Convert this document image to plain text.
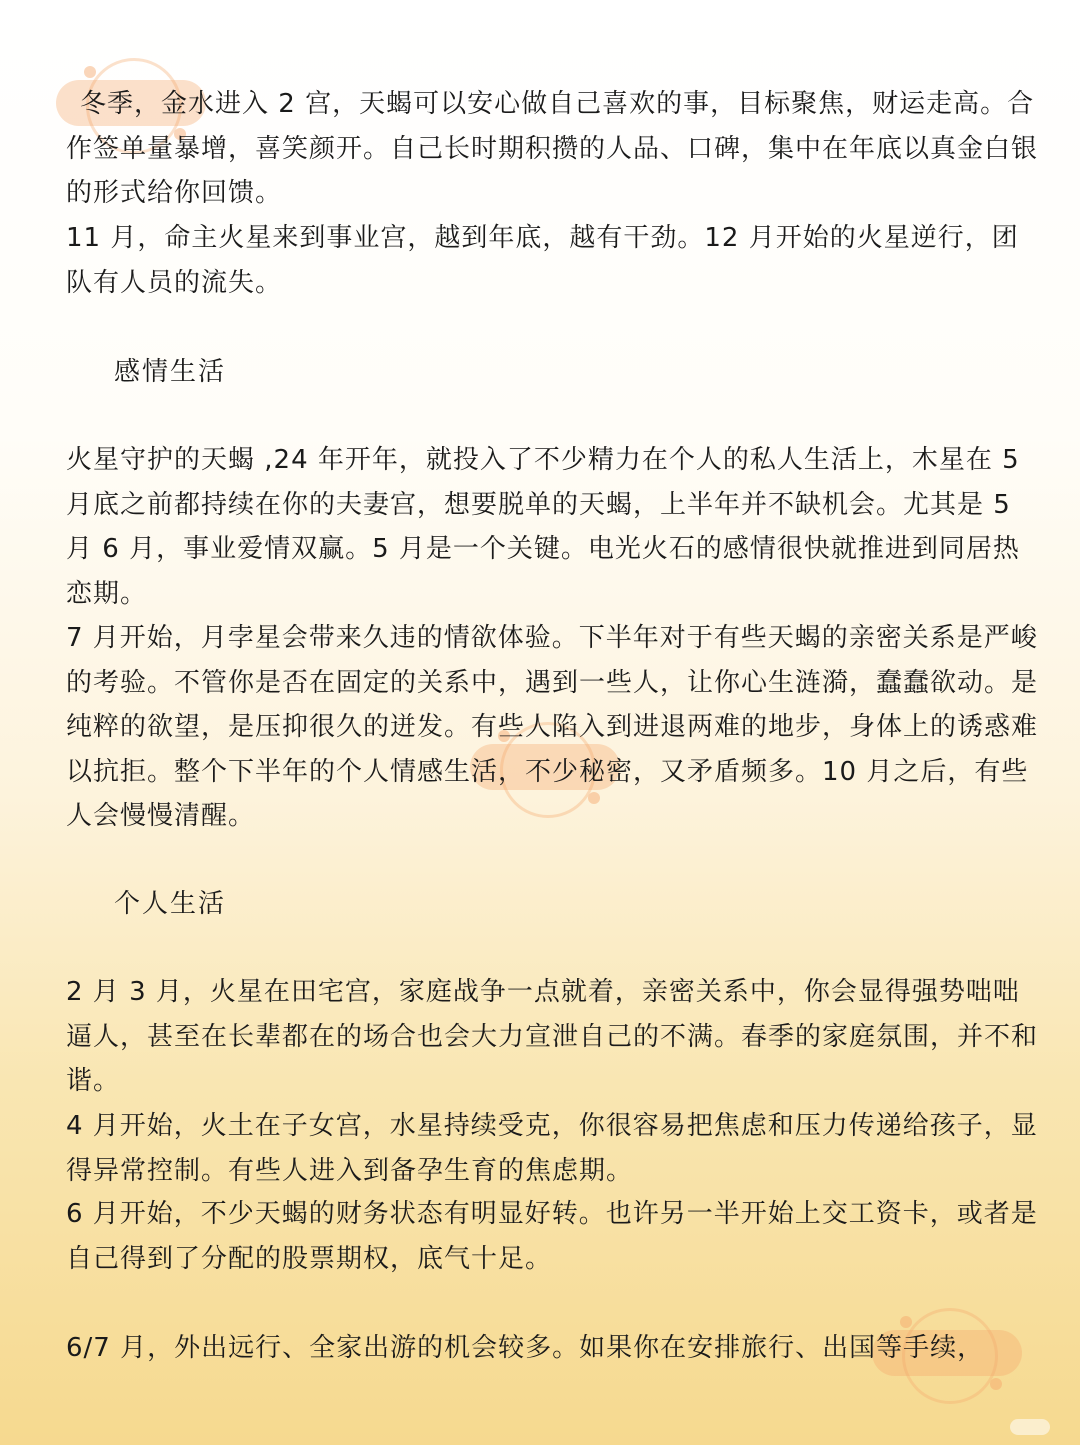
冬季，金水进入 2 宫，天蝎可以安心做自己喜欢的事，目标聚焦，财运走高。合作签单量暴增，喜笑颜开。自己长时期积攒的人品、口碑，集中在年底以真金白银的形式给你回馈。

11 月，命主火星来到事业宫，越到年底，越有干劲。12 月开始的火星逆行，团队有人员的流失。

感情生活

火星守护的天蝎 ,24 年开年，就投入了不少精力在个人的私人生活上，木星在 5 月底之前都持续在你的夫妻宫，想要脱单的天蝎，上半年并不缺机会。尤其是 5 月 6 月，事业爱情双赢。5 月是一个关键。电光火石的感情很快就推进到同居热恋期。

7 月开始，月孛星会带来久违的情欲体验。下半年对于有些天蝎的亲密关系是严峻的考验。不管你是否在固定的关系中，遇到一些人，让你心生涟漪，蠢蠢欲动。是纯粹的欲望，是压抑很久的迸发。有些人陷入到进退两难的地步，身体上的诱惑难以抗拒。整个下半年的个人情感生活，不少秘密，又矛盾频多。10 月之后，有些人会慢慢清醒。

个人生活

2 月 3 月，火星在田宅宫，家庭战争一点就着，亲密关系中，你会显得强势咄咄逼人，甚至在长辈都在的场合也会大力宣泄自己的不满。春季的家庭氛围，并不和谐。

4 月开始，火土在子女宫，水星持续受克，你很容易把焦虑和压力传递给孩子，显得异常控制。有些人进入到备孕生育的焦虑期。

6 月开始，不少天蝎的财务状态有明显好转。也许另一半开始上交工资卡，或者是自己得到了分配的股票期权，底气十足。

6/7 月，外出远行、全家出游的机会较多。如果你在安排旅行、出国等手续，
